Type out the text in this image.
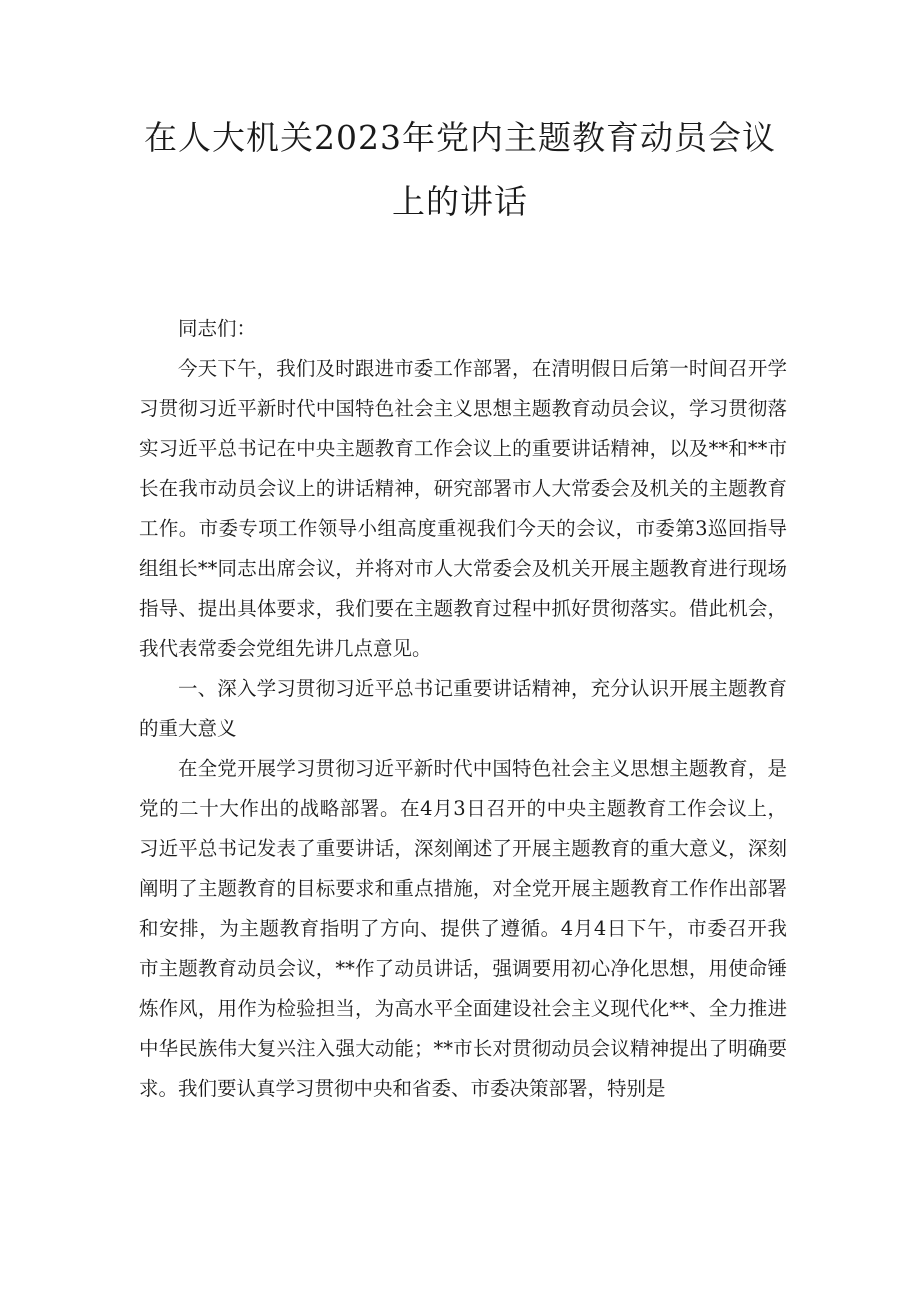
在人大机关2023年党内主题教育动员会议
上的讲话

同志们：

今天下午，我们及时跟进市委工作部署，在清明假日后第一时间召开学习贯彻习近平新时代中国特色社会主义思想主题教育动员会议，学习贯彻落实习近平总书记在中央主题教育工作会议上的重要讲话精神，以及**和**市长在我市动员会议上的讲话精神，研究部署市人大常委会及机关的主题教育工作。市委专项工作领导小组高度重视我们今天的会议，市委第3巡回指导组组长**同志出席会议，并将对市人大常委会及机关开展主题教育进行现场指导、提出具体要求，我们要在主题教育过程中抓好贯彻落实。借此机会，我代表常委会党组先讲几点意见。

一、深入学习贯彻习近平总书记重要讲话精神，充分认识开展主题教育的重大意义

在全党开展学习贯彻习近平新时代中国特色社会主义思想主题教育，是党的二十大作出的战略部署。在4月3日召开的中央主题教育工作会议上，习近平总书记发表了重要讲话，深刻阐述了开展主题教育的重大意义，深刻阐明了主题教育的目标要求和重点措施，对全党开展主题教育工作作出部署和安排，为主题教育指明了方向、提供了遵循。4月4日下午，市委召开我市主题教育动员会议，**作了动员讲话，强调要用初心净化思想，用使命锤炼作风，用作为检验担当，为高水平全面建设社会主义现代化**、全力推进中华民族伟大复兴注入强大动能；**市长对贯彻动员会议精神提出了明确要求。我们要认真学习贯彻中央和省委、市委决策部署，特别是
